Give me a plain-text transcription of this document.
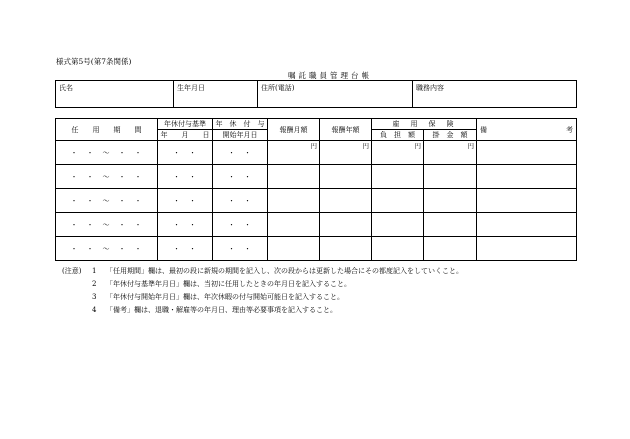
様式第5号(第7条関係)
嘱託職員管理台帳
氏名	生年月日	住所(電話)	職務内容
任　　用　　期　　間	年休付与基準	年　休　付　与	報酬月額	報酬年額	雇　用　保　険		備 考

	年　　月　　日	開始年月日			負　担　額	掛　金　額	
・　・　〜　・　・	・　・	・　・	円	円	円	円	
・　・　〜　・　・	・　・	・　・					
・　・　〜　・　・	・　・	・　・					
・　・　〜　・　・	・　・	・　・					
・　・　〜　・　・	・　・	・　・					
(注意)	1	「任用期間」欄は、最初の段に新規の期間を記入し、次の段からは更新した場合にその都度記入をしていくこと。
2	「年休付与基準年月日」欄は、当初に任用したときの年月日を記入すること。
3	「年休付与開始年月日」欄は、年次休暇の付与開始可能日を記入すること。
4	「備考」欄は、退職・解雇等の年月日、理由等必要事項を記入すること。
